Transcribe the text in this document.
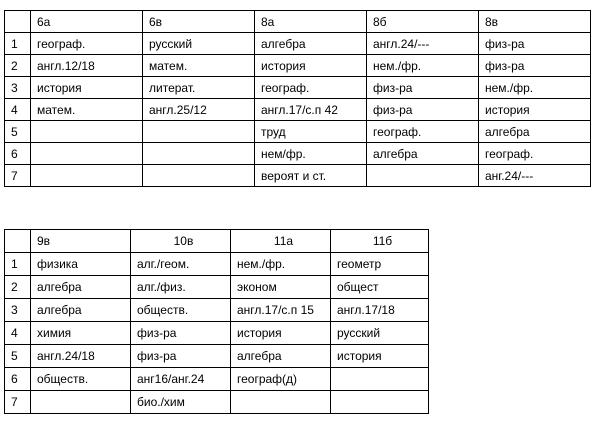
	6а	6в	8а	8б	8в
1	географ.	русский	алгебра	англ.24/---	физ-ра
2	англ.12/18	матем.	история	нем./фр.	физ-ра
3	история	литерат.	географ.	физ-ра	нем./фр.
4	матем.	англ.25/12	англ.17/с.п 42	физ-ра	история
5			труд	географ.	алгебра
6			нем/фр.	алгебра	географ.
7			вероят и ст.		анг.24/---
	9в	10в	11а	11б
1	физика	алг./геом.	нем./фр.	геометр
2	алгебра	алг./физ.	эконом	общест
3	алгебра	обществ.	англ.17/с.п 15	англ.17/18
4	химия	физ-ра	история	русский
5	англ.24/18	физ-ра	алгебра	история
6	обществ.	анг16/анг.24	географ(д)	
7		био./хим		
